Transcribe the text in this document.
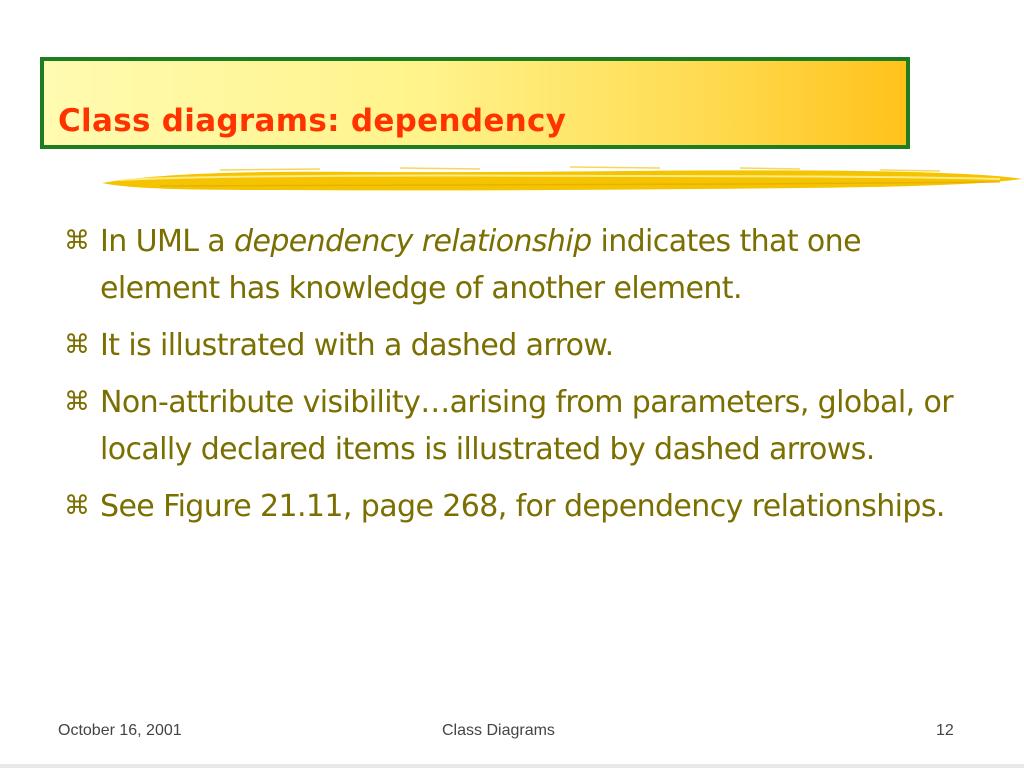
Class diagrams: dependency
⌘ In UML a dependency relationship indicates that one element has knowledge of another element.
⌘ It is illustrated with a dashed arrow.
⌘ Non-attribute visibility…arising from parameters, global, or locally declared items is illustrated by dashed arrows.
⌘ See Figure 21.11, page 268, for dependency relationships.
October 16, 2001	Class Diagrams	12
